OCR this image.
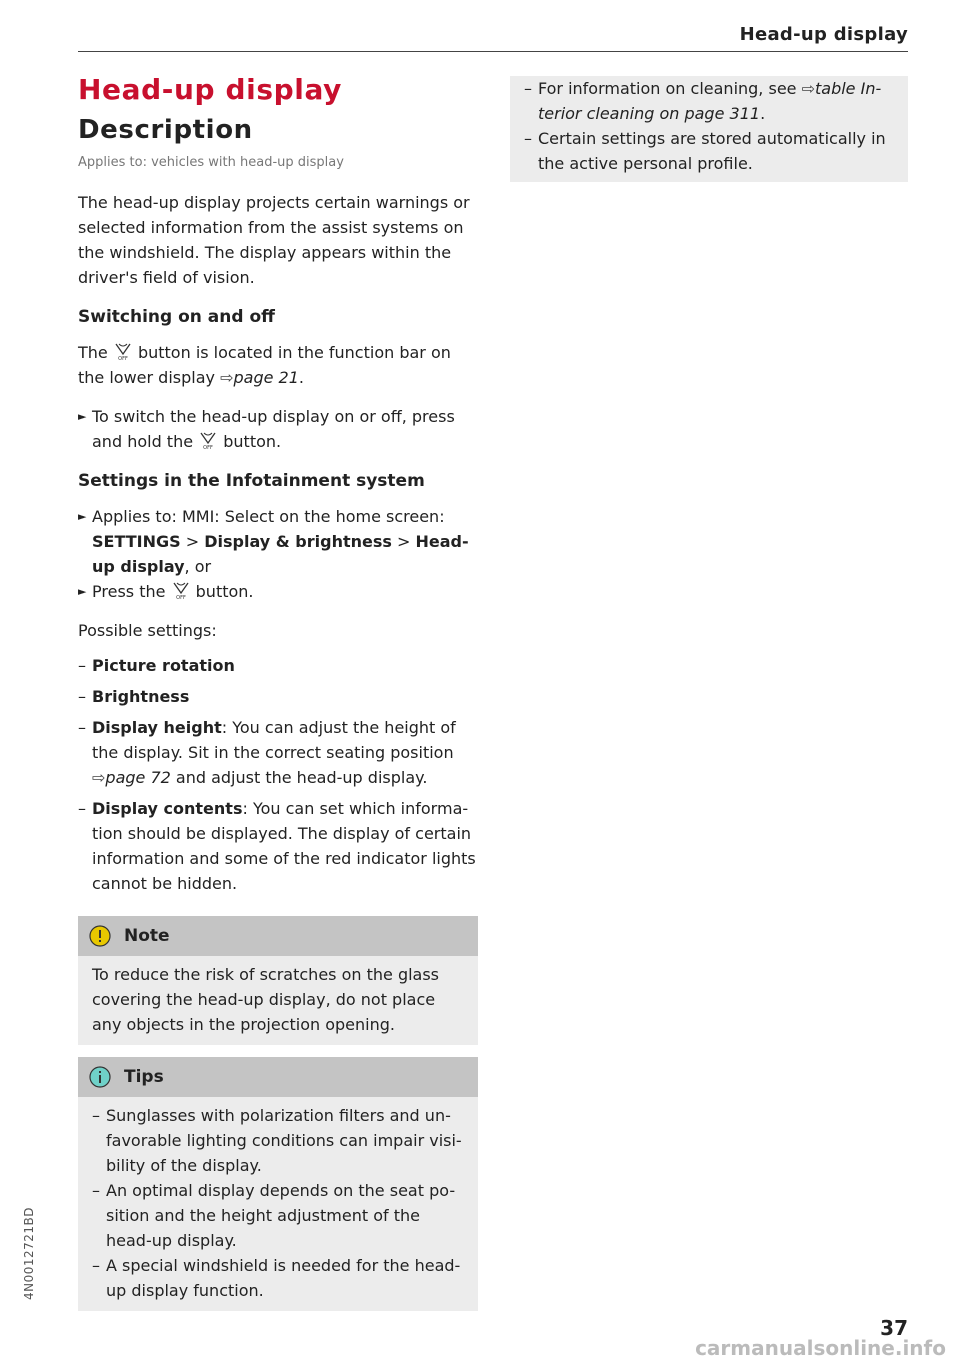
Head-up display
Head-up display
Description
Applies to: vehicles with head-up display

The head-up display projects certain warnings or selected information from the assist systems on the windshield. The display appears within the driver's field of vision.

Switching on and off

The OFF button is located in the function bar on the lower display ⇨page 21.

► To switch the head-up display on or off, press and hold the OFF button.
Settings in the Infotainment system
► Applies to: MMI: Select on the home screen: SETTINGS > Display & brightness > Head-up display, or
► Press the OFF button.

Possible settings:

– Picture rotation
– Brightness
– Display height: You can adjust the height of the display. Sit in the correct seating position ⇨page 72 and adjust the head-up display.
– Display contents: You can set which informa-tion should be displayed. The display of certain information and some of the red indicator lights cannot be hidden.
Note

To reduce the risk of scratches on the glass covering the head-up display, do not place any objects in the projection opening.

Tips
– Sunglasses with polarization filters and un-favorable lighting conditions can impair visi-bility of the display.
– An optimal display depends on the seat po-sition and the height adjustment of the head-up display.
– A special windshield is needed for the head-up display function.
– For information on cleaning, see ⇨table In-terior cleaning on page 311.
– Certain settings are stored automatically in the active personal profile.
4N0012721BD
37
carmanualsonline.info
